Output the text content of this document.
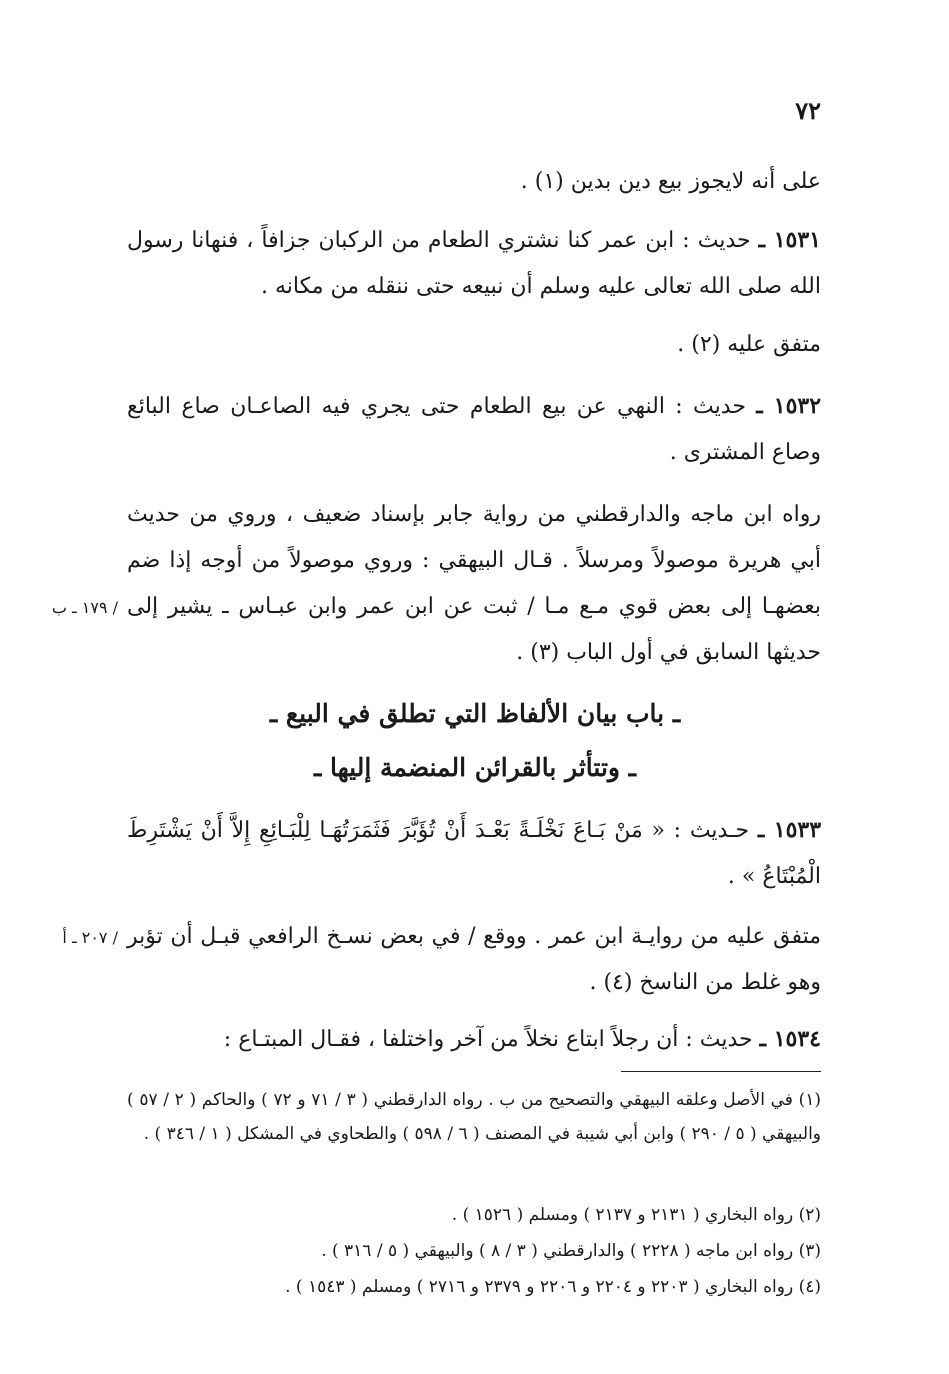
٧٢
على أنه لايجوز بيع دين بدين (١) .
١٥٣١ ـ حديث : ابن عمر كنا نشتري الطعام من الركبان جزافاً ، فنهانا رسول الله صلى الله تعالى عليه وسلم أن نبيعه حتى ننقله من مكانه .
متفق عليه (٢) .
١٥٣٢ ـ حديث : النهي عن بيع الطعام حتى يجري فيه الصاعـان صاع البائع وصاع المشترى .
رواه ابن ماجه والدارقطني من رواية جابر بإسناد ضعيف ، وروي من حديث أبي هريرة موصولاً ومرسلاً . قـال البيهقي : وروي موصولاً من أوجه إذا ضم بعضهـا إلى بعض قوي مـع مـا / ثبت عن ابن عمر وابن عبـاس ـ يشير إلى حديثها السابق في أول الباب (٣) .
/ ١٧٩ ـ ب
ـ باب بيان الألفاظ التي تطلق في البيع ـ
ـ وتتأثر بالقرائن المنضمة إليها ـ
١٥٣٣ ـ حـديث : « مَنْ بَـاعَ نَخْلَـةً بَعْـدَ أَنْ تُؤَبَّرَ فَثَمَرَتُهَـا لِلْبَـائِعِ إِلاَّ أَنْ يَشْتَرِطَ الْمُبْتَاعُ » .
متفق عليه من روايـة ابن عمر . ووقع / في بعض نسـخ الرافعي قبـل أن تؤبر وهو غلط من الناسخ (٤) .
/ ٢٠٧ ـ أ
١٥٣٤ ـ حديث : أن رجلاً ابتاع نخلاً من آخر واختلفا ، فقـال المبتـاع :
(١) في الأصل وعلقه البيهقي والتصحيح من ب . رواه الدارقطني ( ٣ / ٧١ و ٧٢ ) والحاكم ( ٢ / ٥٧ ) والبيهقي ( ٥ / ٢٩٠ ) وابن أبي شيبة في المصنف ( ٦ / ٥٩٨ ) والطحاوي في المشكل ( ١ / ٣٤٦ ) .
(٢) رواه البخاري ( ٢١٣١ و ٢١٣٧ ) ومسلم ( ١٥٢٦ ) .
(٣) رواه ابن ماجه ( ٢٢٢٨ ) والدارقطني ( ٣ / ٨ ) والبيهقي ( ٥ / ٣١٦ ) .
(٤) رواه البخاري ( ٢٢٠٣ و ٢٢٠٤ و ٢٢٠٦ و ٢٣٧٩ و ٢٧١٦ ) ومسلم ( ١٥٤٣ ) .
